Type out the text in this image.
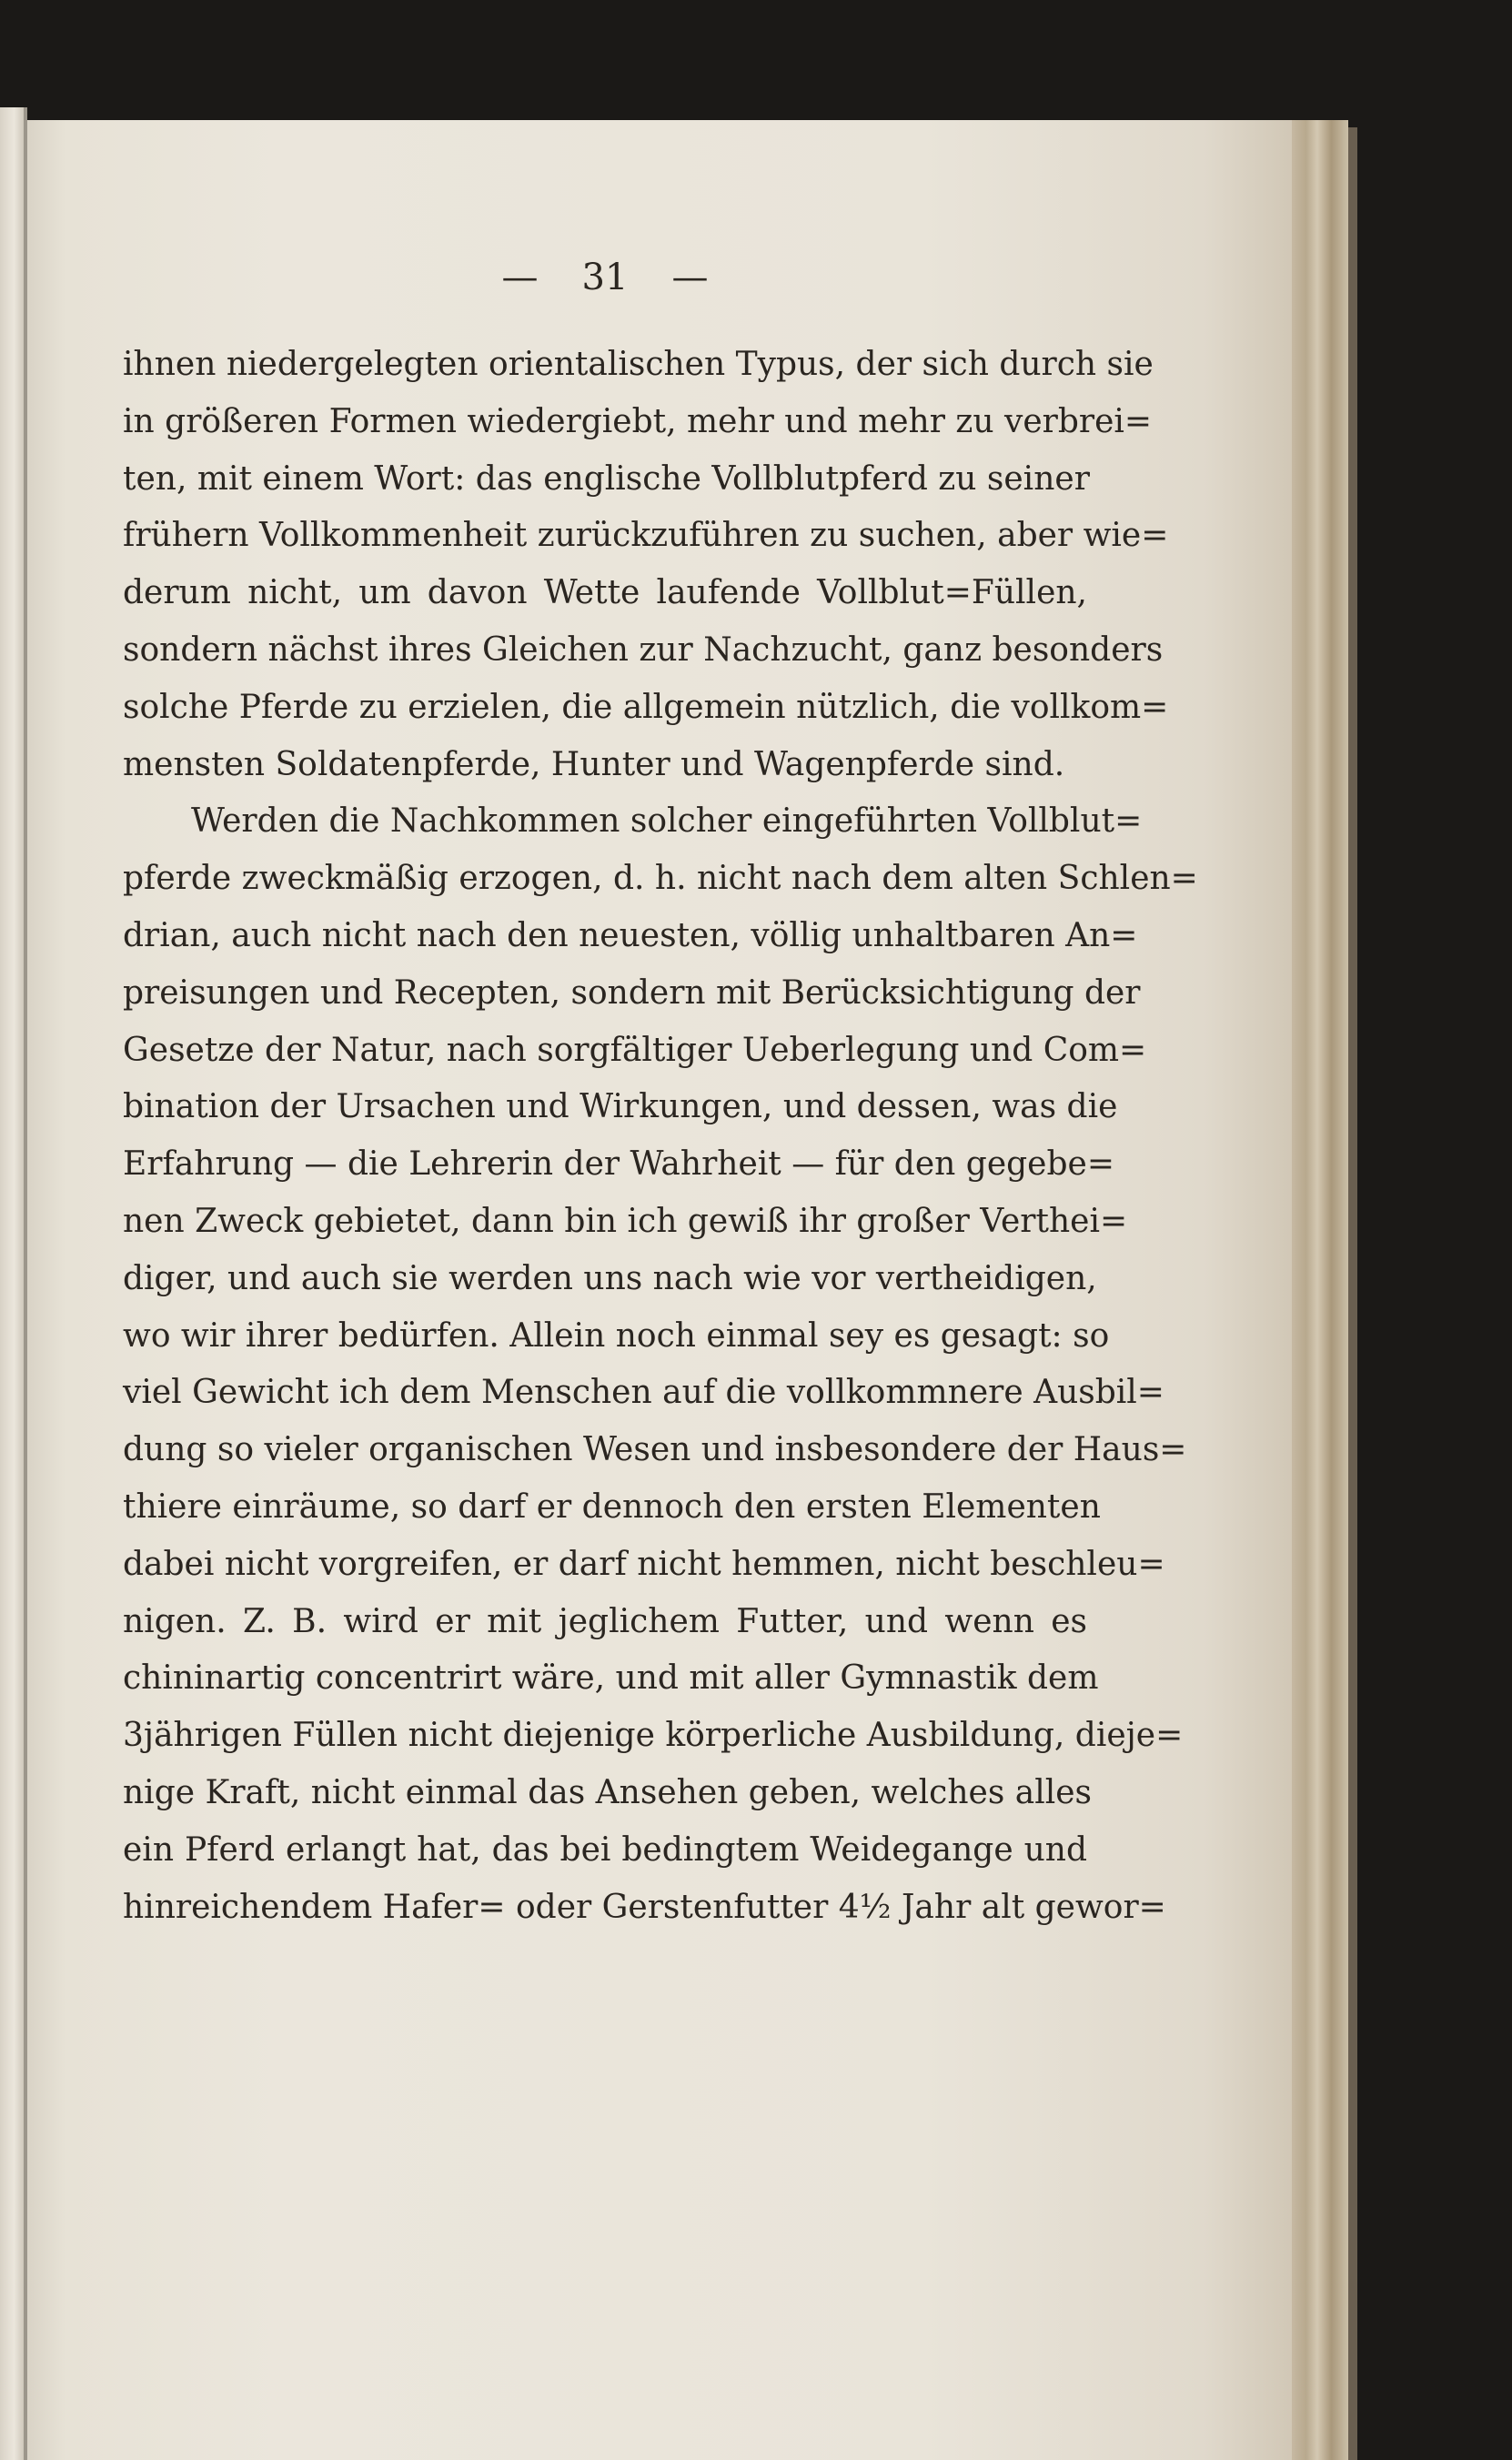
— 31 —
ihnen niedergelegten orientalischen Typus, der sich durch sie
in größeren Formen wiedergiebt, mehr und mehr zu verbrei=
ten, mit einem Wort: das englische Vollblutpferd zu seiner
frühern Vollkommenheit zurückzuführen zu suchen, aber wie=
derum nicht, um davon Wette laufende Vollblut=Füllen,
sondern nächst ihres Gleichen zur Nachzucht, ganz besonders
solche Pferde zu erzielen, die allgemein nützlich, die vollkom=
mensten Soldatenpferde, Hunter und Wagenpferde sind.
Werden die Nachkommen solcher eingeführten Vollblut=
pferde zweckmäßig erzogen, d. h. nicht nach dem alten Schlen=
drian, auch nicht nach den neuesten, völlig unhaltbaren An=
preisungen und Recepten, sondern mit Berücksichtigung der
Gesetze der Natur, nach sorgfältiger Ueberlegung und Com=
bination der Ursachen und Wirkungen, und dessen, was die
Erfahrung — die Lehrerin der Wahrheit — für den gegebe=
nen Zweck gebietet, dann bin ich gewiß ihr großer Verthei=
diger, und auch sie werden uns nach wie vor vertheidigen,
wo wir ihrer bedürfen. Allein noch einmal sey es gesagt: so
viel Gewicht ich dem Menschen auf die vollkommnere Ausbil=
dung so vieler organischen Wesen und insbesondere der Haus=
thiere einräume, so darf er dennoch den ersten Elementen
dabei nicht vorgreifen, er darf nicht hemmen, nicht beschleu=
nigen. Z. B. wird er mit jeglichem Futter, und wenn es
chininartig concentrirt wäre, und mit aller Gymnastik dem
3jährigen Füllen nicht diejenige körperliche Ausbildung, dieje=
nige Kraft, nicht einmal das Ansehen geben, welches alles
ein Pferd erlangt hat, das bei bedingtem Weidegange und
hinreichendem Hafer= oder Gerstenfutter 4½ Jahr alt gewor=
